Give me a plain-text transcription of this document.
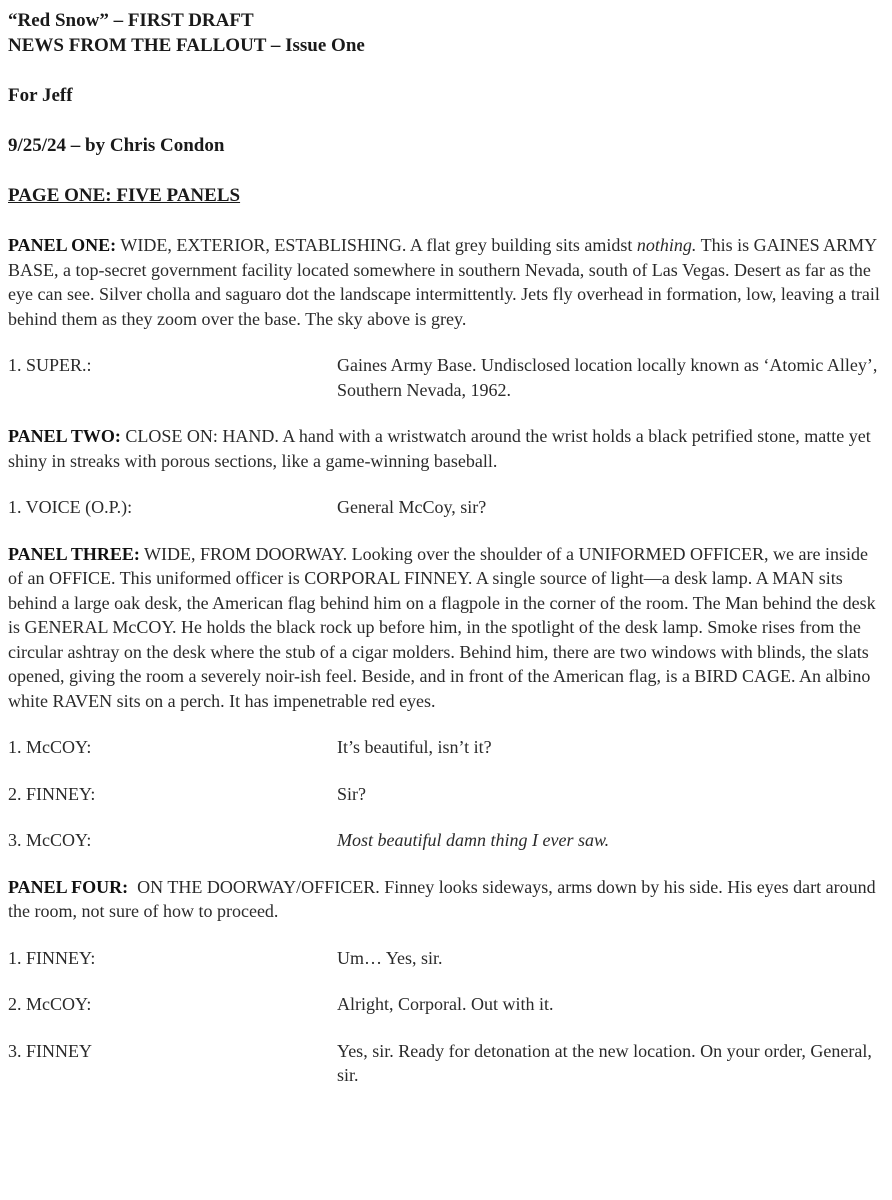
“Red Snow” – FIRST DRAFT

NEWS FROM THE FALLOUT – Issue One

For Jeff

9/25/24 – by Chris Condon

PAGE ONE: FIVE PANELS

PANEL ONE: WIDE, EXTERIOR, ESTABLISHING. A flat grey building sits amidst nothing. This is GAINES ARMY BASE, a top-secret government facility located somewhere in southern Nevada, south of Las Vegas. Desert as far as the eye can see. Silver cholla and saguaro dot the landscape intermittently. Jets fly overhead in formation, low, leaving a trail behind them as they zoom over the base. The sky above is grey.

1. SUPER.:	Gaines Army Base. Undisclosed location locally known as ‘Atomic Alley’, Southern Nevada, 1962.

PANEL TWO: CLOSE ON: HAND. A hand with a wristwatch around the wrist holds a black petrified stone, matte yet shiny in streaks with porous sections, like a game-winning baseball.

1. VOICE (O.P.):	General McCoy, sir?

PANEL THREE: WIDE, FROM DOORWAY. Looking over the shoulder of a UNIFORMED OFFICER, we are inside of an OFFICE. This uniformed officer is CORPORAL FINNEY. A single source of light—a desk lamp. A MAN sits behind a large oak desk, the American flag behind him on a flagpole in the corner of the room. The Man behind the desk is GENERAL McCOY. He holds the black rock up before him, in the spotlight of the desk lamp. Smoke rises from the circular ashtray on the desk where the stub of a cigar molders. Behind him, there are two windows with blinds, the slats opened, giving the room a severely noir-ish feel. Beside, and in front of the American flag, is a BIRD CAGE. An albino white RAVEN sits on a perch. It has impenetrable red eyes.

1. McCOY:	It’s beautiful, isn’t it?
2. FINNEY:	Sir?
3. McCOY:	Most beautiful damn thing I ever saw.

PANEL FOUR:  ON THE DOORWAY/OFFICER. Finney looks sideways, arms down by his side. His eyes dart around the room, not sure of how to proceed.

1. FINNEY:	Um… Yes, sir.
2. McCOY:	Alright, Corporal. Out with it.
3. FINNEY	Yes, sir. Ready for detonation at the new location. On your order, General, sir.
